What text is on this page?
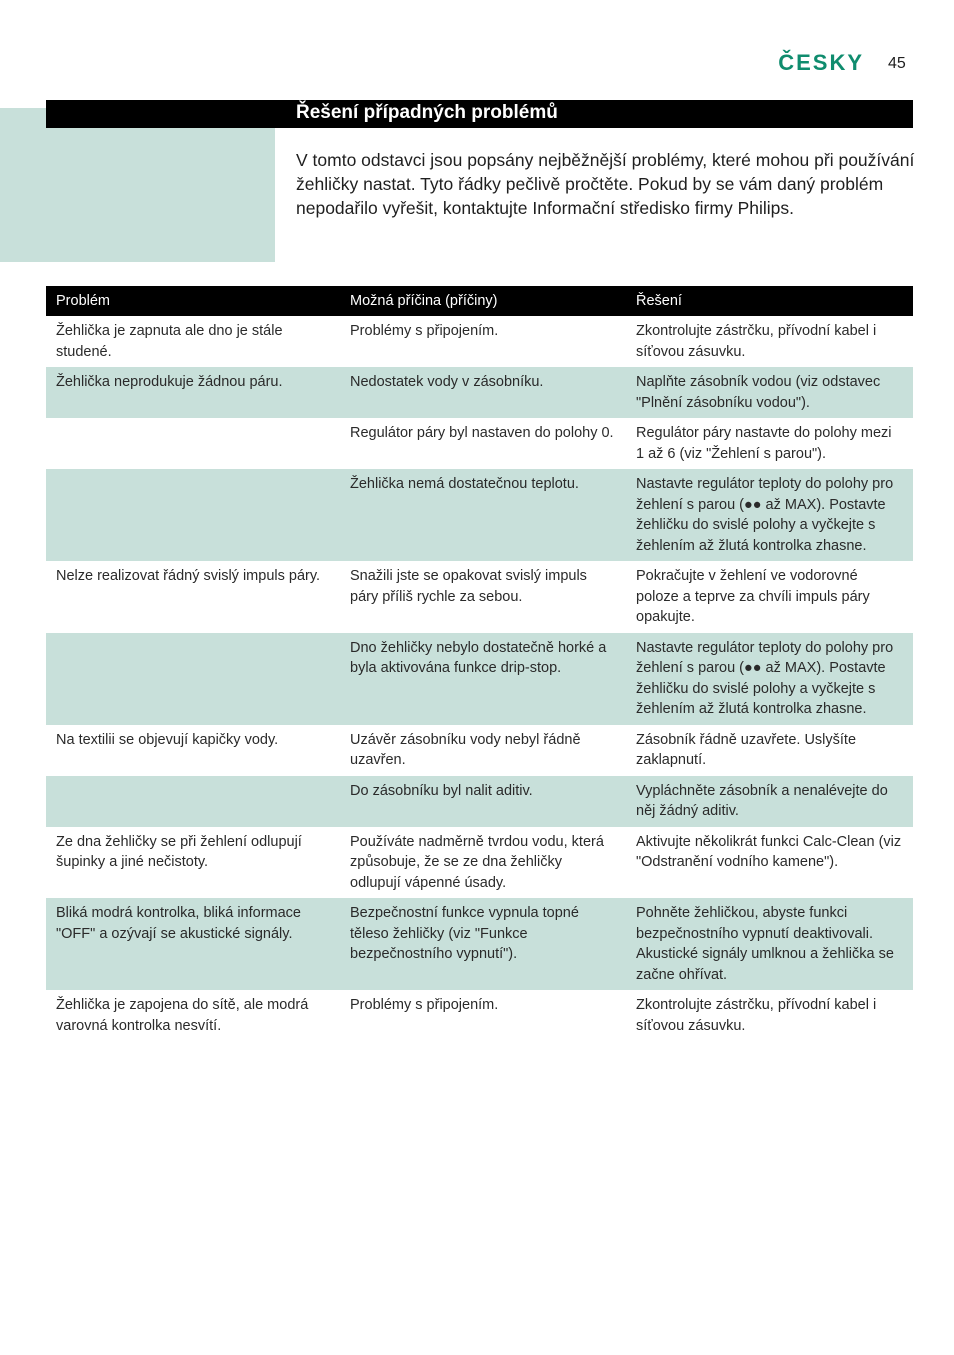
ČESKY 45
Řešení případných problémů
V tomto odstavci jsou popsány nejběžnější problémy, které mohou při používání žehličky nastat. Tyto řádky pečlivě pročtěte. Pokud by se vám daný problém nepodařilo vyřešit, kontaktujte Informační středisko firmy Philips.
Problém	Možná příčina (příčiny)	Řešení
Žehlička je zapnuta ale dno je stále studené.	Problémy s připojením.	Zkontrolujte zástrčku, přívodní kabel i síťovou zásuvku.
Žehlička neprodukuje žádnou páru.	Nedostatek vody v zásobníku.	Naplňte zásobník vodou (viz odstavec "Plnění zásobníku vodou").
	Regulátor páry byl nastaven do polohy 0.	Regulátor páry nastavte do polohy mezi 1 až 6 (viz "Žehlení s parou").
	Žehlička nemá dostatečnou teplotu.	Nastavte regulátor teploty do polohy pro žehlení s parou (●● až MAX). Postavte žehličku do svislé polohy a vyčkejte s žehlením až žlutá kontrolka zhasne.
Nelze realizovat řádný svislý impuls páry.	Snažili jste se opakovat svislý impuls páry příliš rychle za sebou.	Pokračujte v žehlení ve vodorovné poloze a teprve za chvíli impuls páry opakujte.
	Dno žehličky nebylo dostatečně horké a byla aktivována funkce drip-stop.	Nastavte regulátor teploty do polohy pro žehlení s parou (●● až MAX). Postavte žehličku do svislé polohy a vyčkejte s žehlením až žlutá kontrolka zhasne.
Na textilii se objevují kapičky vody.	Uzávěr zásobníku vody nebyl řádně uzavřen.	Zásobník řádně uzavřete. Uslyšíte zaklapnutí.
	Do zásobníku byl nalit aditiv.	Vypláchněte zásobník a nenalévejte do něj žádný aditiv.
Ze dna žehličky se při žehlení odlupují šupinky a jiné nečistoty.	Používáte nadměrně tvrdou vodu, která způsobuje, že se ze dna žehličky odlupují vápenné úsady.	Aktivujte několikrát funkci Calc-Clean (viz "Odstranění vodního kamene").
Bliká modrá kontrolka, bliká informace "OFF" a ozývají se akustické signály.	Bezpečnostní funkce vypnula topné těleso žehličky (viz "Funkce bezpečnostního vypnutí").	Pohněte žehličkou, abyste funkci bezpečnostního vypnutí deaktivovali. Akustické signály umlknou a žehlička se začne ohřívat.
Žehlička je zapojena do sítě, ale modrá varovná kontrolka nesvítí.	Problémy s připojením.	Zkontrolujte zástrčku, přívodní kabel i síťovou zásuvku.
